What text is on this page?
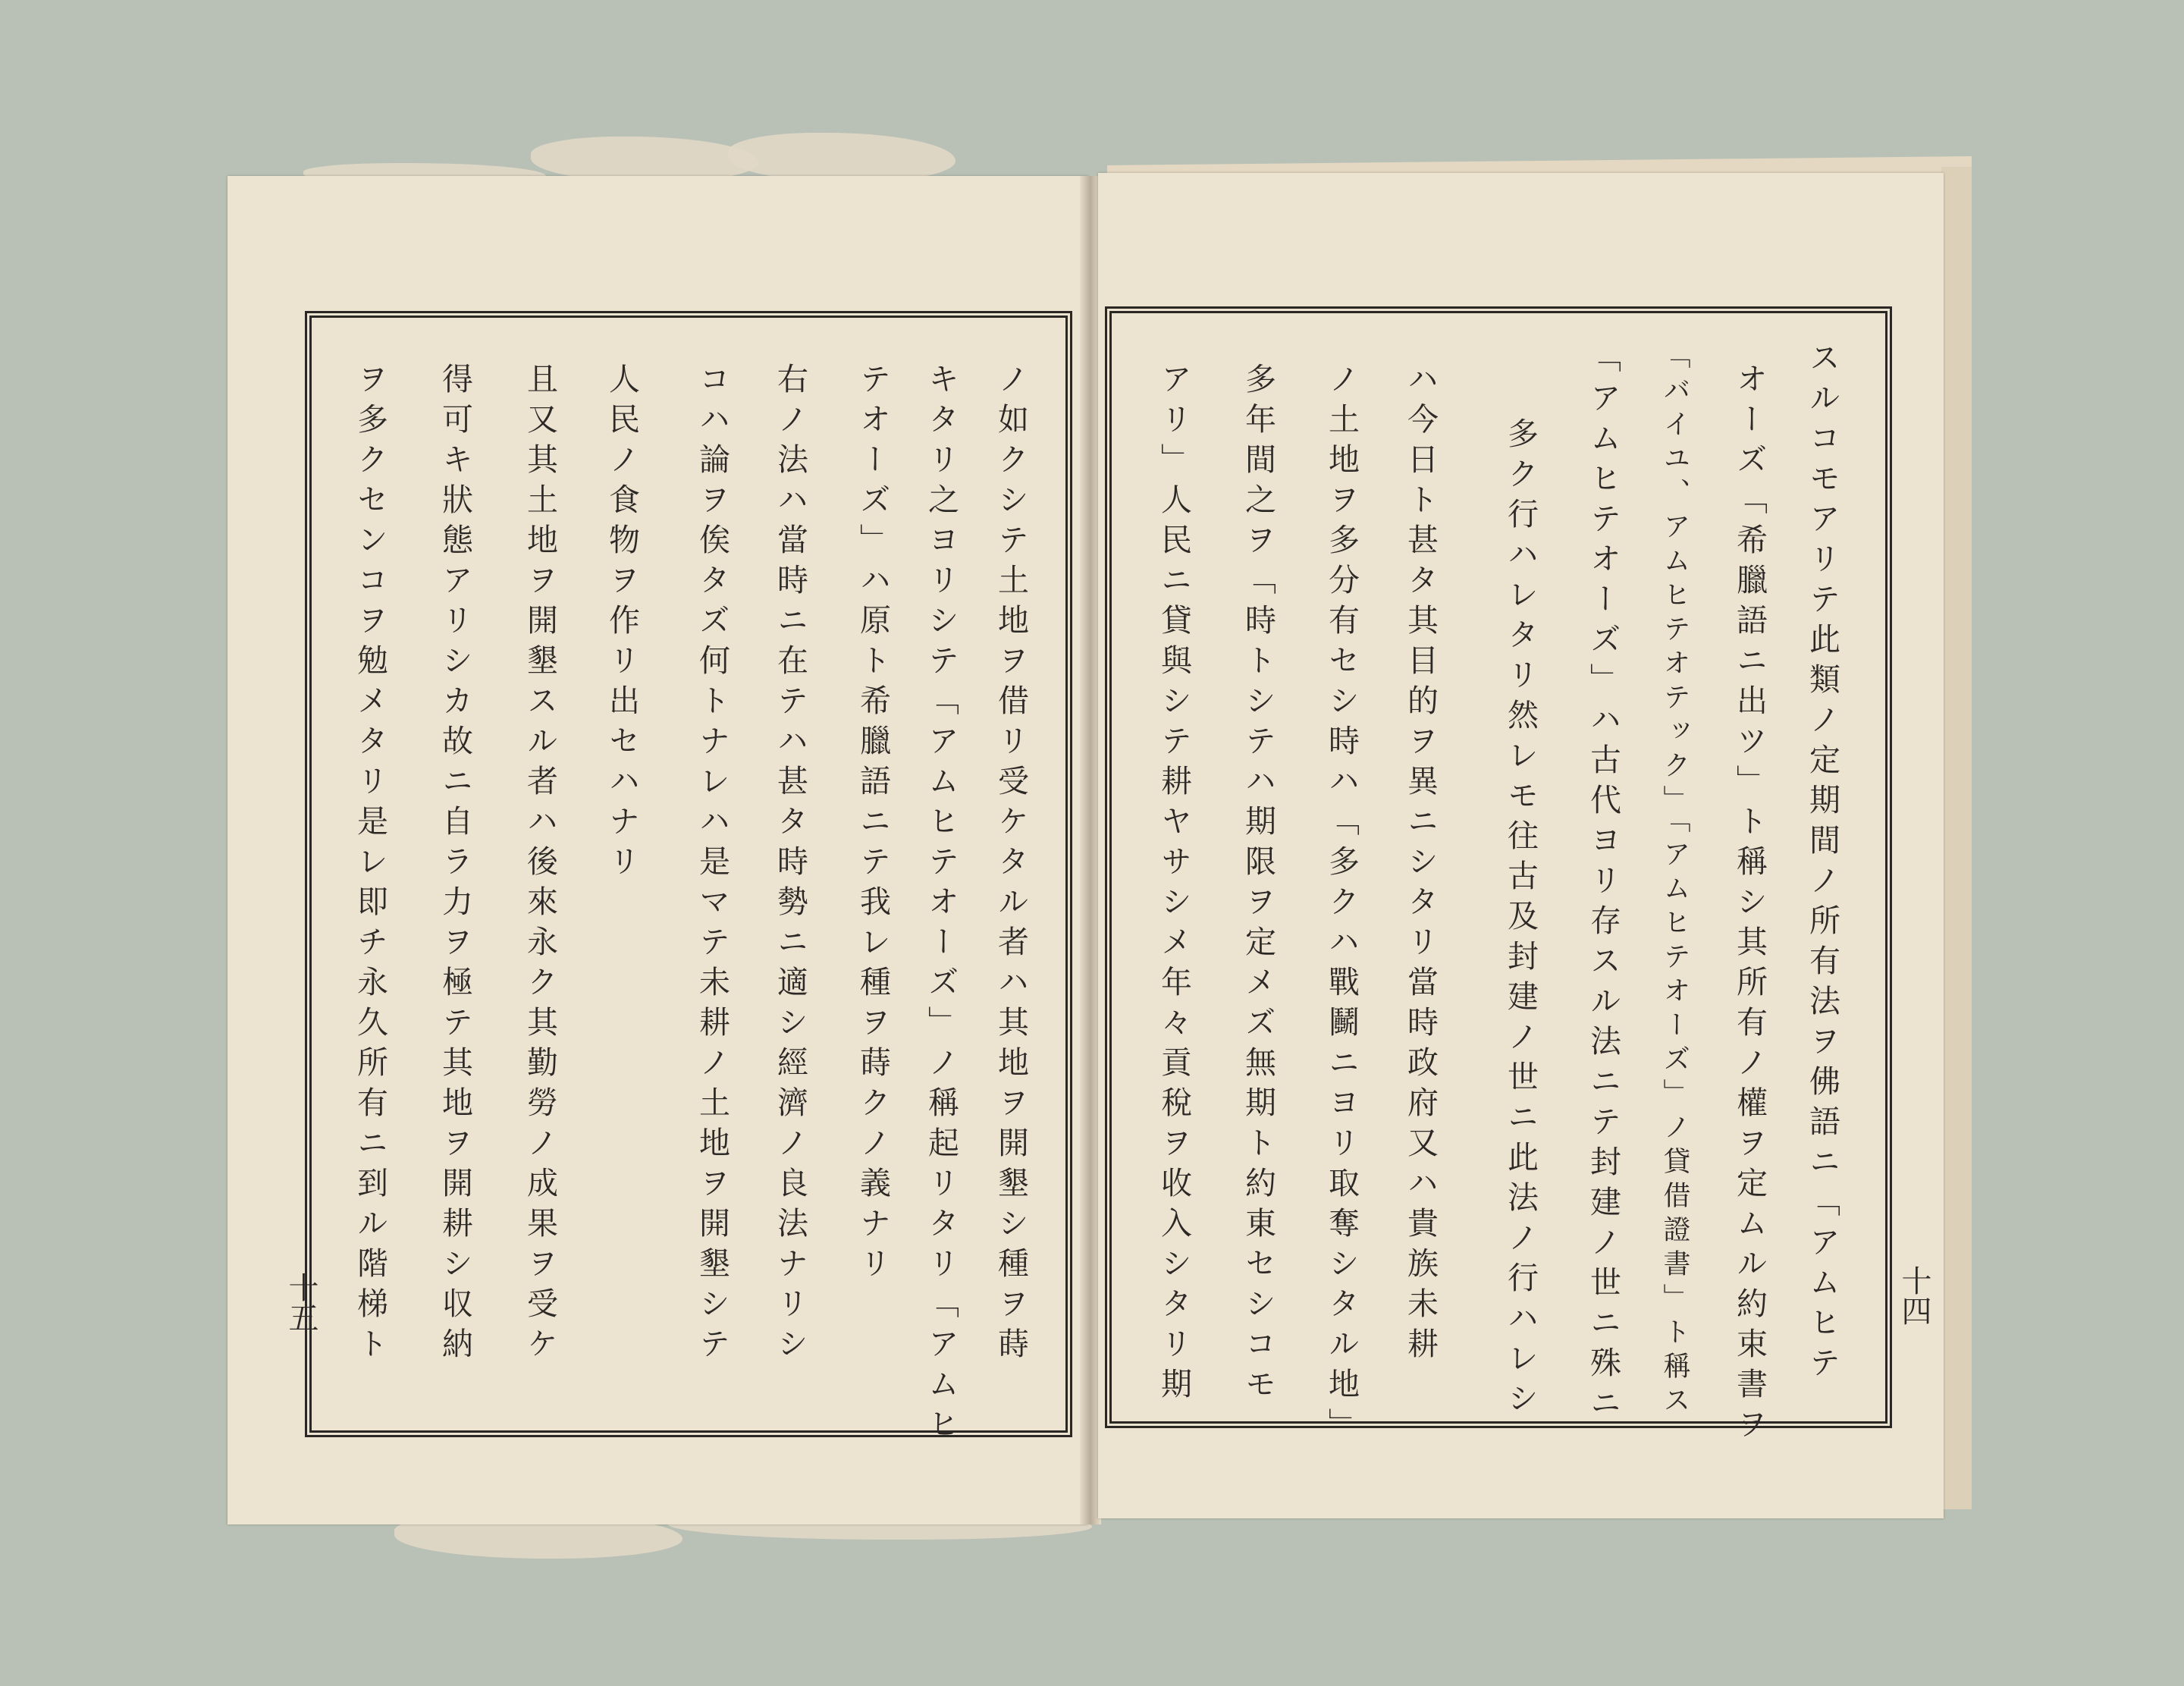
十五	十四
ノ如クシテ土地ヲ借リ受ケタル者ハ其地ヲ開墾シ種ヲ蒔
キタリ之ヨリシテ「アムヒテオーズ」ノ稱起リタリ「アムヒ
テオーズ」ハ原ト希臘語ニテ我レ種ヲ蒔クノ義ナリ
右ノ法ハ當時ニ在テハ甚タ時勢ニ適シ經濟ノ良法ナリシ
コハ論ヲ俟タズ何トナレハ是マテ未耕ノ土地ヲ開墾シテ
人民ノ食物ヲ作リ出セハナリ
且又其土地ヲ開墾スル者ハ後來永ク其勤勞ノ成果ヲ受ケ
得可キ狀態アリシカ故ニ自ラ力ヲ極テ其地ヲ開耕シ収納
ヲ多クセンコヲ勉メタリ是レ即チ永久所有ニ到ル階梯ト	スルコモアリテ此類ノ定期間ノ所有法ヲ佛語ニ「アムヒテ
オーズ「希臘語ニ出ツ」ト稱シ其所有ノ權ヲ定ムル約束書ヲ
「バイユ、アムヒテオテック」「アムヒテオーズ」ノ貸借證書」ト稱ス
「アムヒテオーズ」ハ古代ヨリ存スル法ニテ封建ノ世ニ殊ニ
多ク行ハレタリ然レモ往古及封建ノ世ニ此法ノ行ハレシ
ハ今日ト甚タ其目的ヲ異ニシタリ當時政府又ハ貴族未耕
ノ土地ヲ多分有セシ時ハ「多クハ戰鬭ニヨリ取奪シタル地」
多年間之ヲ「時トシテハ期限ヲ定メズ無期ト約東セシコモ
アリ」人民ニ貸與シテ耕ヤサシメ年々貢稅ヲ收入シタリ期
